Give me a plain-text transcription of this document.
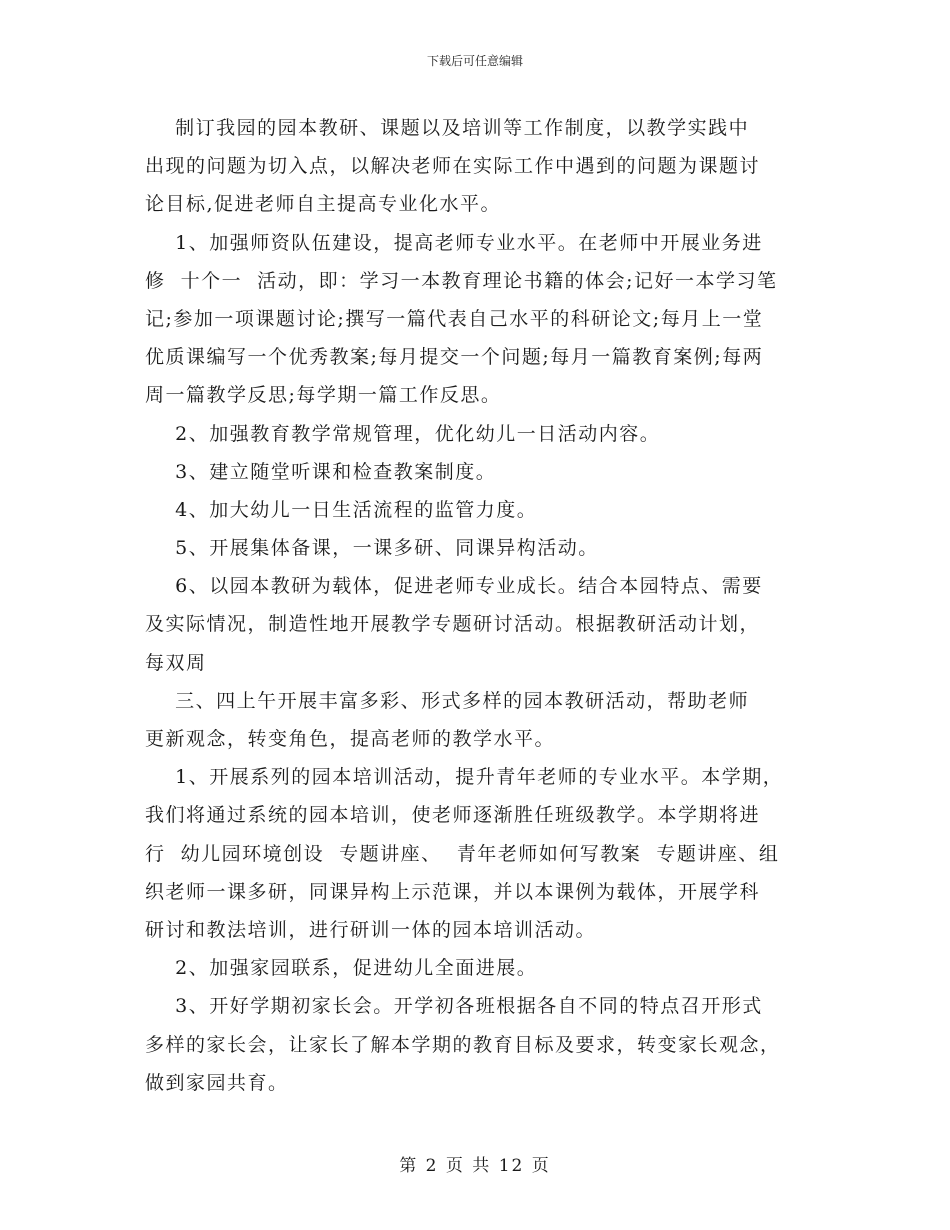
下载后可任意编辑
制订我园的园本教研、课题以及培训等工作制度，以教学实践中
出现的问题为切入点，以解决老师在实际工作中遇到的问题为课题讨
论目标,促进老师自主提高专业化水平。
1、加强师资队伍建设，提高老师专业水平。在老师中开展业务进
修  十个一  活动，即：学习一本教育理论书籍的体会;记好一本学习笔
记;参加一项课题讨论;撰写一篇代表自己水平的科研论文;每月上一堂
优质课编写一个优秀教案;每月提交一个问题;每月一篇教育案例;每两
周一篇教学反思;每学期一篇工作反思。
2、加强教育教学常规管理，优化幼儿一日活动内容。
3、建立随堂听课和检查教案制度。
4、加大幼儿一日生活流程的监管力度。
5、开展集体备课，一课多研、同课异构活动。
6、以园本教研为载体，促进老师专业成长。结合本园特点、需要
及实际情况，制造性地开展教学专题研讨活动。根据教研活动计划，
每双周
三、四上午开展丰富多彩、形式多样的园本教研活动，帮助老师
更新观念，转变角色，提高老师的教学水平。
1、开展系列的园本培训活动，提升青年老师的专业水平。本学期，
我们将通过系统的园本培训，使老师逐渐胜任班级教学。本学期将进
行  幼儿园环境创设  专题讲座、  青年老师如何写教案  专题讲座、组
织老师一课多研，同课异构上示范课，并以本课例为载体，开展学科
研讨和教法培训，进行研训一体的园本培训活动。
2、加强家园联系，促进幼儿全面进展。
3、开好学期初家长会。开学初各班根据各自不同的特点召开形式
多样的家长会，让家长了解本学期的教育目标及要求，转变家长观念，
做到家园共育。
第 2 页 共 12 页
